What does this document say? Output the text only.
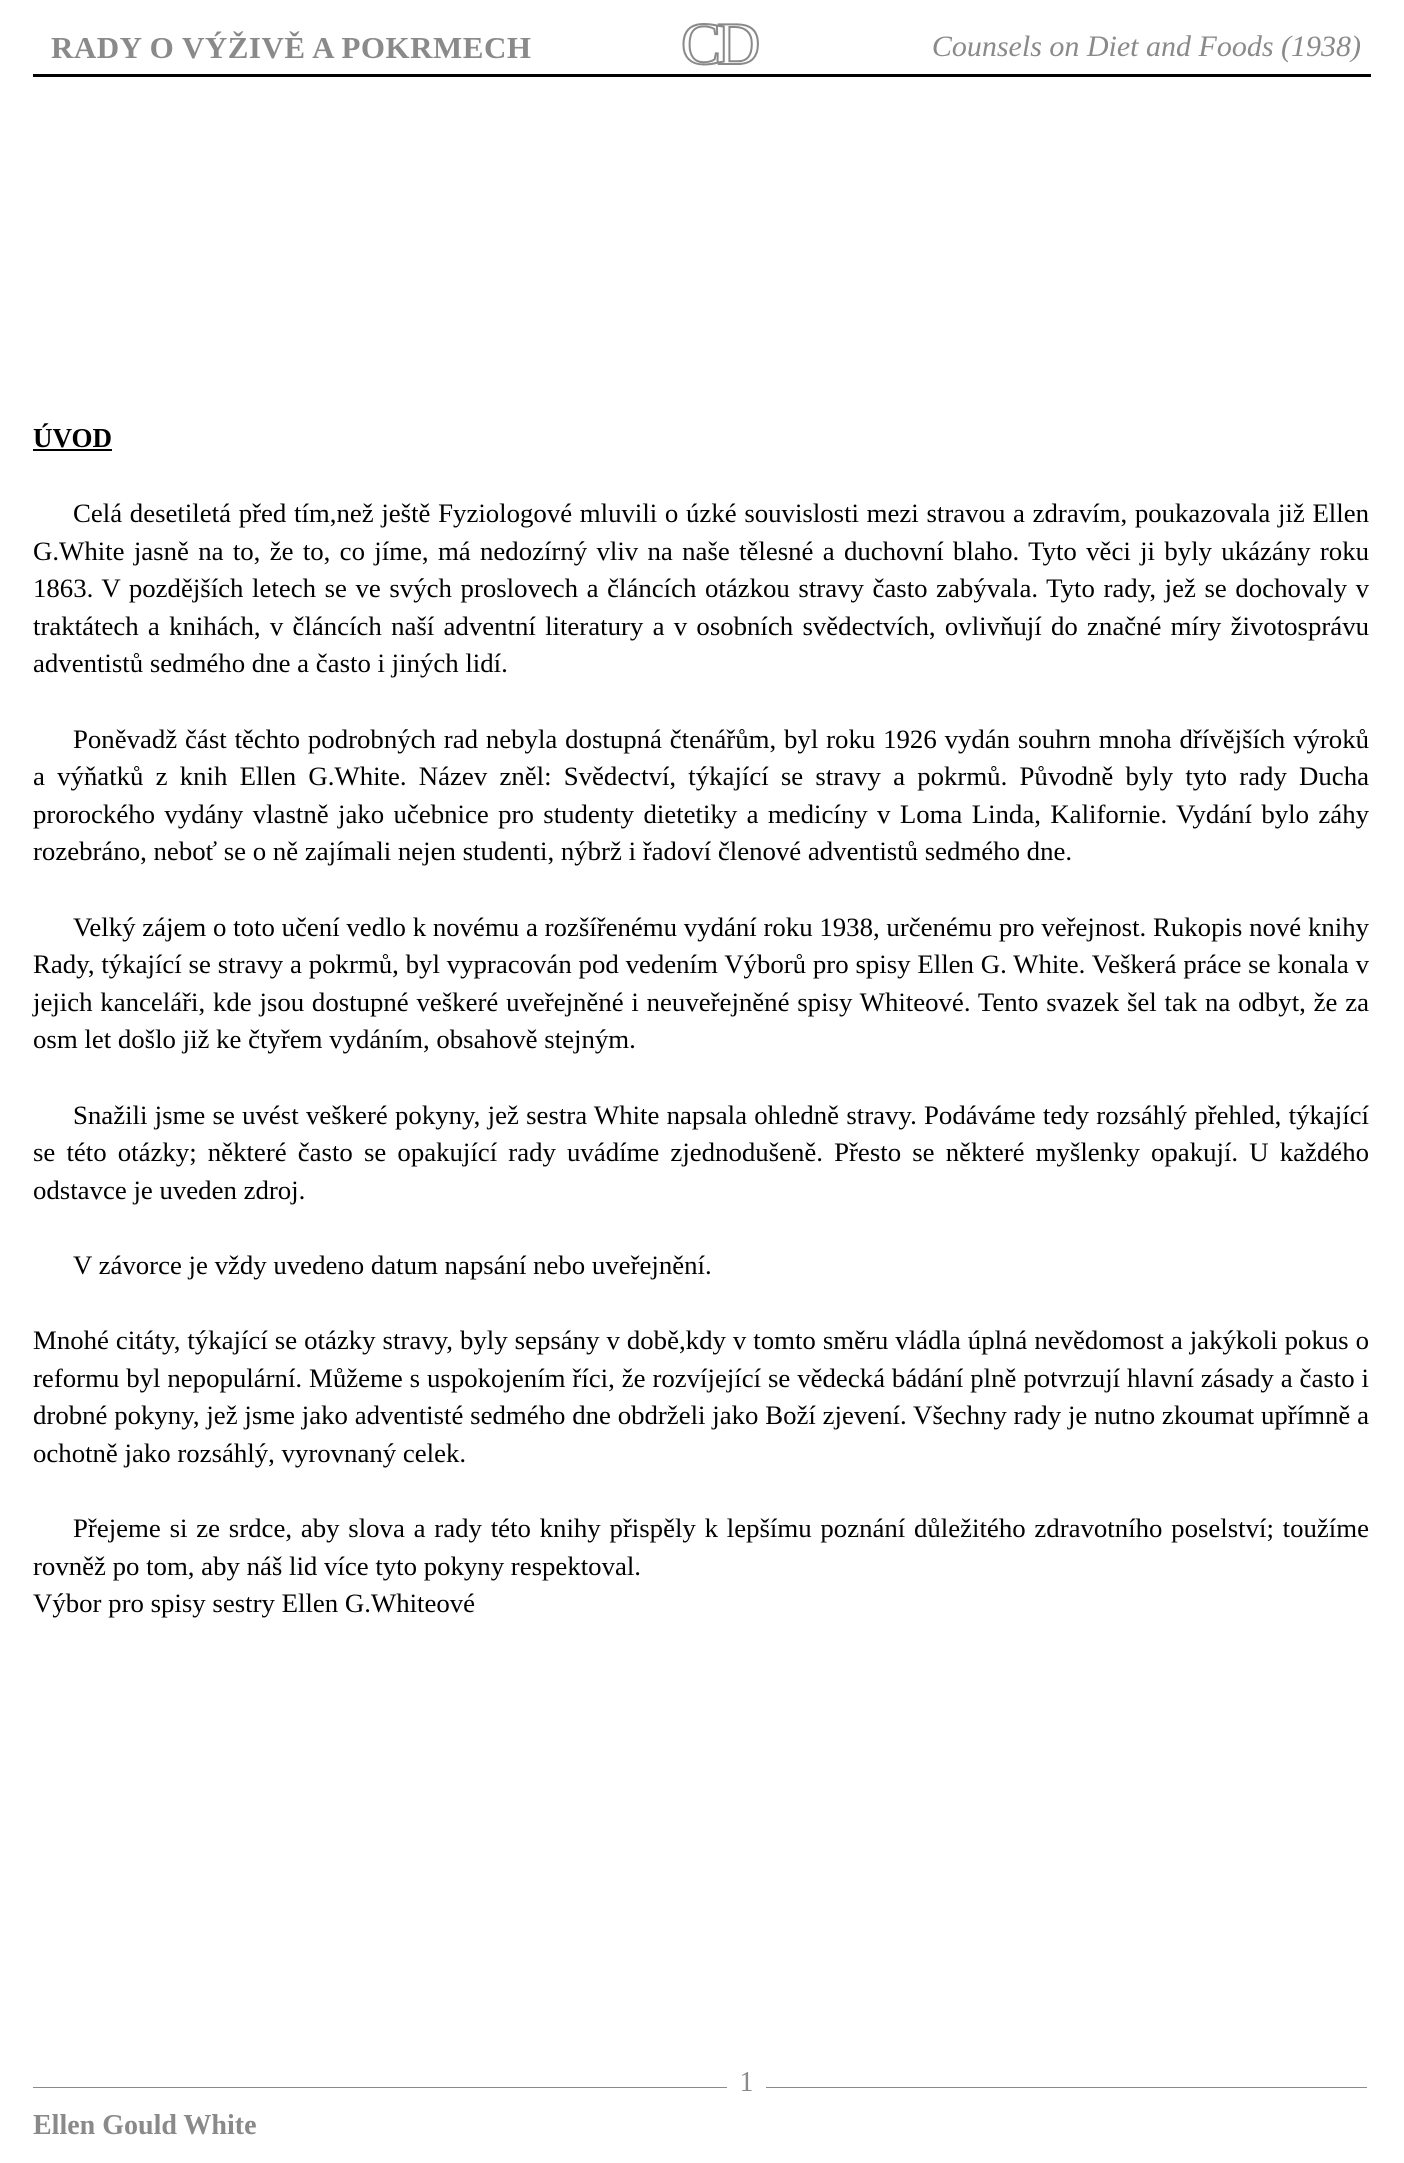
RADY O VÝŽIVĚ A POKRMECH CD	Counsels on Diet and Foods (1938)
ÚVOD

Celá desetiletá před tím,než ještě Fyziologové mluvili o úzké souvislosti mezi stravou a zdravím, poukazovala již Ellen G.White jasně na to, že to, co jíme, má nedozírný vliv na naše tělesné a duchovní blaho. Tyto věci ji byly ukázány roku 1863. V pozdějších letech se ve svých proslovech a článcích otázkou stravy často zabývala. Tyto rady, jež se dochovaly v traktátech a knihách, v článcích naší adventní literatury a v osobních svědectvích, ovlivňují do značné míry životosprávu adventistů sedmého dne a často i jiných lidí.

Poněvadž část těchto podrobných rad nebyla dostupná čtenářům, byl roku 1926 vydán souhrn mnoha dřívějších výroků a výňatků z knih Ellen G.White. Název zněl: Svědectví, týkající se stravy a pokrmů. Původně byly tyto rady Ducha prorockého vydány vlastně jako učebnice pro studenty dietetiky a medicíny v Loma Linda, Kalifornie. Vydání bylo záhy rozebráno, neboť se o ně zajímali nejen studenti, nýbrž i řadoví členové adventistů sedmého dne.

Velký zájem o toto učení vedlo k novému a rozšířenému vydání roku 1938, určenému pro veřejnost. Rukopis nové knihy Rady, týkající se stravy a pokrmů, byl vypracován pod vedením Výborů pro spisy Ellen G. White. Veškerá práce se konala v jejich kanceláři, kde jsou dostupné veškeré uveřejněné i neuveřejněné spisy Whiteové. Tento svazek šel tak na odbyt, že za osm let došlo již ke čtyřem vydáním, obsahově stejným.

Snažili jsme se uvést veškeré pokyny, jež sestra White napsala ohledně stravy. Podáváme tedy rozsáhlý přehled, týkající se této otázky; některé často se opakující rady uvádíme zjednodušeně. Přesto se některé myšlenky opakují. U každého odstavce je uveden zdroj.

V závorce je vždy uvedeno datum napsání nebo uveřejnění.

Mnohé citáty, týkající se otázky stravy, byly sepsány v době,kdy v tomto směru vládla úplná nevědomost a jakýkoli pokus o reformu byl nepopulární. Můžeme s uspokojením říci, že rozvíjející se vědecká bádání plně potvrzují hlavní zásady a často i drobné pokyny, jež jsme jako adventisté sedmého dne obdrželi jako Boží zjevení. Všechny rady je nutno zkoumat upřímně a ochotně jako rozsáhlý, vyrovnaný celek.

Přejeme si ze srdce, aby slova a rady této knihy přispěly k lepšímu poznání důležitého zdravotního poselství; toužíme rovněž po tom, aby náš lid více tyto pokyny respektoval.

Výbor pro spisy sestry Ellen G.Whiteové

1
Ellen Gould White
